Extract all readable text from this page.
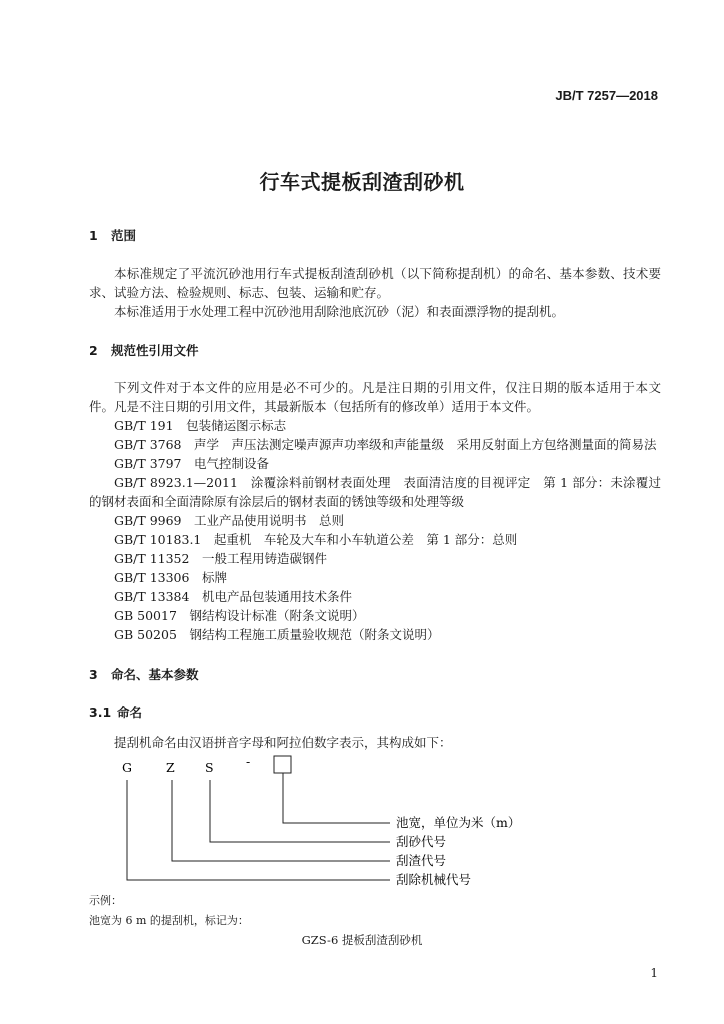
JB/T 7257—2018
行车式提板刮渣刮砂机
1 范围
本标准规定了平流沉砂池用行车式提板刮渣刮砂机（以下简称提刮机）的命名、基本参数、技术要求、试验方法、检验规则、标志、包装、运输和贮存。
本标准适用于水处理工程中沉砂池用刮除池底沉砂（泥）和表面漂浮物的提刮机。
2 规范性引用文件
下列文件对于本文件的应用是必不可少的。凡是注日期的引用文件，仅注日期的版本适用于本文件。凡是不注日期的引用文件，其最新版本（包括所有的修改单）适用于本文件。
GB/T 191　 包装储运图示标志
GB/T 3768　 声学　声压法测定噪声源声功率级和声能量级　采用反射面上方包络测量面的简易法
GB/T 3797　 电气控制设备
GB/T 8923.1—2011　 涂覆涂料前钢材表面处理　表面清洁度的目视评定　第 1 部分：未涂覆过的钢材表面和全面清除原有涂层后的钢材表面的锈蚀等级和处理等级
GB/T 9969　 工业产品使用说明书　总则
GB/T 10183.1　 起重机　车轮及大车和小车轨道公差　第 1 部分：总则
GB/T 11352　 一般工程用铸造碳钢件
GB/T 13306　 标牌
GB/T 13384　 机电产品包装通用技术条件
GB 50017　 钢结构设计标准（附条文说明）
GB 50205　 钢结构工程施工质量验收规范（附条文说明）
3 命名、基本参数
3.1 命名
提刮机命名由汉语拼音字母和阿拉伯数字表示，其构成如下：
G	Z S	-
池宽，单位为米（m）
刮砂代号
刮渣代号
刮除机械代号
示例：
池宽为 6 m 的提刮机，标记为：
GZS-6 提板刮渣刮砂机
1
